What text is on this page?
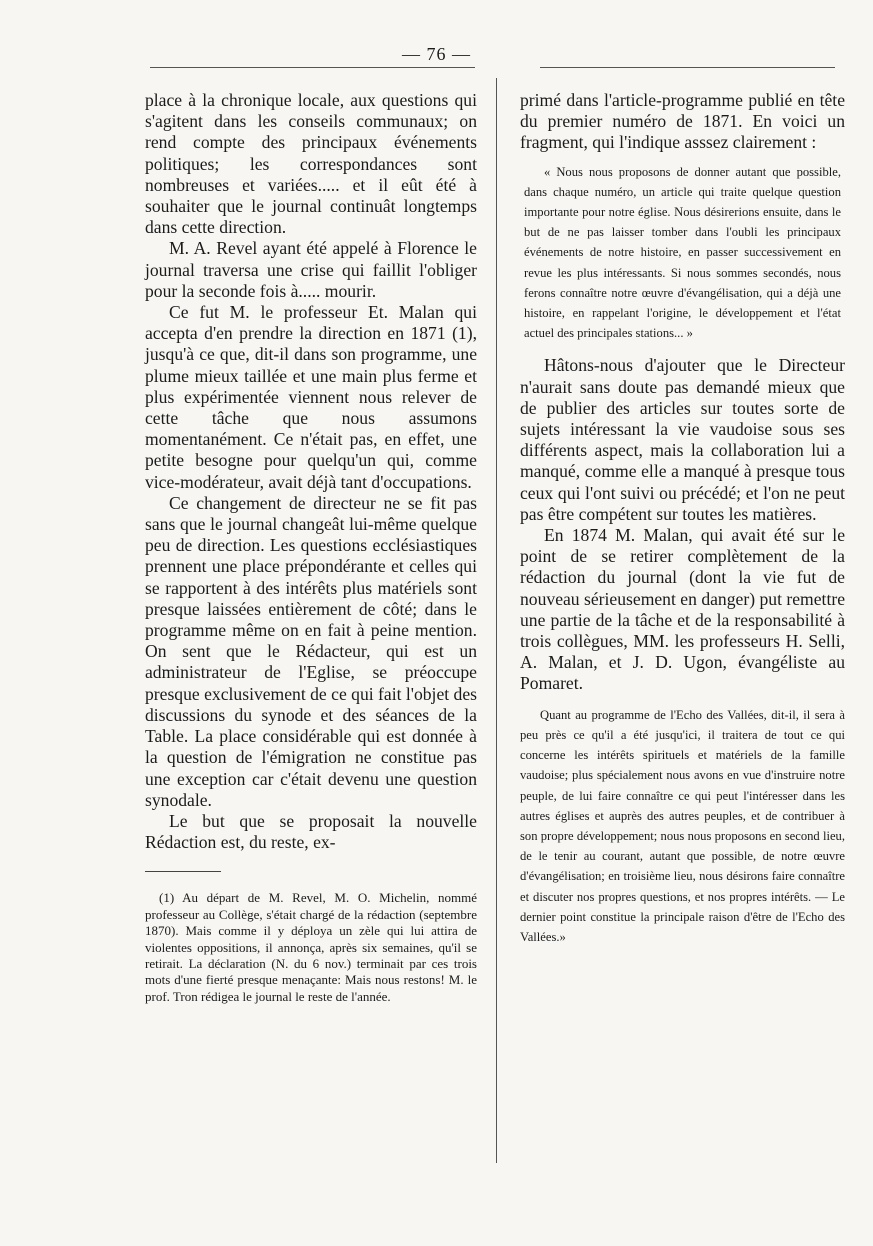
— 76 —

place à la chronique locale, aux questions qui s'agitent dans les conseils communaux; on rend compte des principaux événements politiques; les correspondances sont nombreuses et variées..... et il eût été à souhaiter que le journal continuât longtemps dans cette direction.

M. A. Revel ayant été appelé à Florence le journal traversa une crise qui faillit l'obliger pour la seconde fois à..... mourir.

Ce fut M. le professeur Et. Malan qui accepta d'en prendre la direction en 1871 (1), jusqu'à ce que, dit-il dans son programme, une plume mieux taillée et une main plus ferme et plus expérimentée viennent nous relever de cette tâche que nous assumons momentanément. Ce n'était pas, en effet, une petite besogne pour quelqu'un qui, comme vice-modérateur, avait déjà tant d'occupations.

Ce changement de directeur ne se fit pas sans que le journal changeât lui-même quelque peu de direction. Les questions ecclésiastiques prennent une place prépondérante et celles qui se rapportent à des intérêts plus matériels sont presque laissées entièrement de côté; dans le programme même on en fait à peine mention. On sent que le Rédacteur, qui est un administrateur de l'Eglise, se préoccupe presque exclusivement de ce qui fait l'objet des discussions du synode et des séances de la Table. La place considérable qui est donnée à la question de l'émigration ne constitue pas une exception car c'était devenu une question synodale.

Le but que se proposait la nouvelle Rédaction est, du reste, ex-

(1) Au départ de M. Revel, M. O. Michelin, nommé professeur au Collège, s'était chargé de la rédaction (septembre 1870). Mais comme il y déploya un zèle qui lui attira de violentes oppositions, il annonça, après six semaines, qu'il se retirait. La déclaration (N. du 6 nov.) terminait par ces trois mots d'une fierté presque menaçante: Mais nous restons! M. le prof. Tron rédigea le journal le reste de l'année.

primé dans l'article-programme publié en tête du premier numéro de 1871. En voici un fragment, qui l'indique asssez clairement :

« Nous nous proposons de donner autant que possible, dans chaque numéro, un article qui traite quelque question importante pour notre église. Nous désirerions ensuite, dans le but de ne pas laisser tomber dans l'oubli les principaux événements de notre histoire, en passer successivement en revue les plus intéressants. Si nous sommes secondés, nous ferons connaître notre œuvre d'évangélisation, qui a déjà une histoire, en rappelant l'origine, le développement et l'état actuel des principales stations... »

Hâtons-nous d'ajouter que le Directeur n'aurait sans doute pas demandé mieux que de publier des articles sur toutes sorte de sujets intéressant la vie vaudoise sous ses différents aspect, mais la collaboration lui a manqué, comme elle a manqué à presque tous ceux qui l'ont suivi ou précédé; et l'on ne peut pas être compétent sur toutes les matières.

En 1874 M. Malan, qui avait été sur le point de se retirer complètement de la rédaction du journal (dont la vie fut de nouveau sérieusement en danger) put remettre une partie de la tâche et de la responsabilité à trois collègues, MM. les professeurs H. Selli, A. Malan, et J. D. Ugon, évangéliste au Pomaret.

Quant au programme de l'Echo des Vallées, dit-il, il sera à peu près ce qu'il a été jusqu'ici, il traitera de tout ce qui concerne les intérêts spirituels et matériels de la famille vaudoise; plus spécialement nous avons en vue d'instruire notre peuple, de lui faire connaître ce qui peut l'intéresser dans les autres églises et auprès des autres peuples, et de contribuer à son propre développement; nous nous proposons en second lieu, de le tenir au courant, autant que possible, de notre œuvre d'évangélisation; en troisième lieu, nous désirons faire connaître et discuter nos propres questions, et nos propres intérêts. — Le dernier point constitue la principale raison d'être de l'Echo des Vallées.»
